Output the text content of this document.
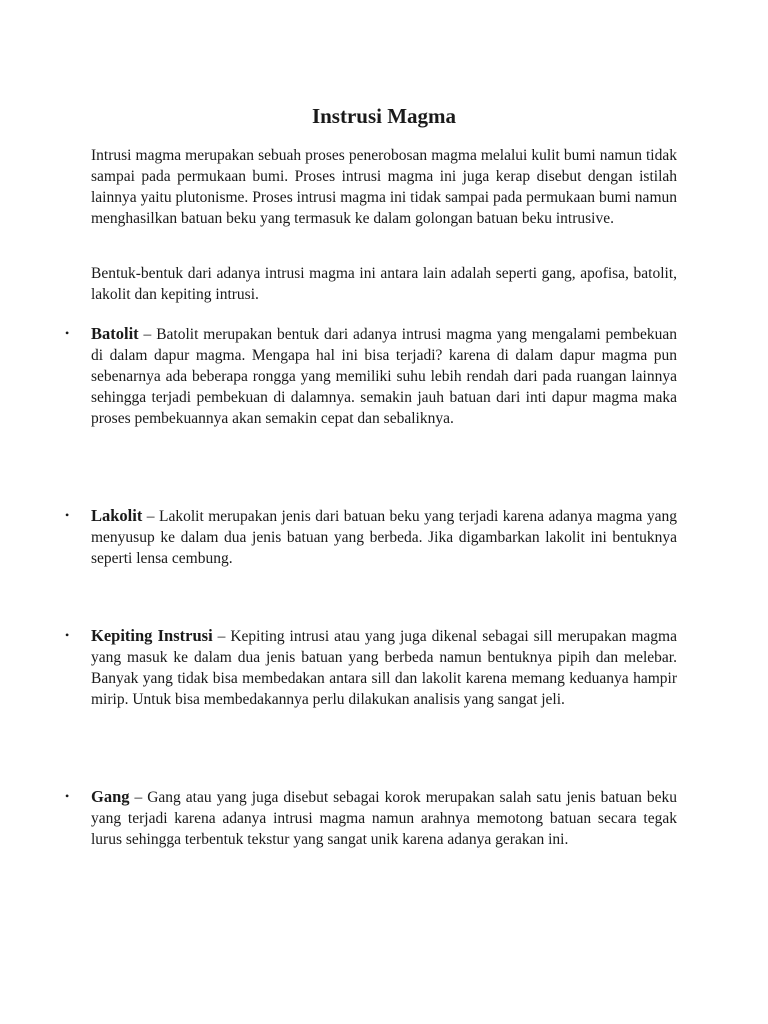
Instrusi Magma

Intrusi magma merupakan sebuah proses penerobosan magma melalui kulit bumi namun tidak sampai pada permukaan bumi. Proses intrusi magma ini juga kerap disebut dengan istilah lainnya yaitu plutonisme. Proses intrusi magma ini tidak sampai pada permukaan bumi namun menghasilkan batuan beku yang termasuk ke dalam golongan batuan beku intrusive.

Bentuk-bentuk dari adanya intrusi magma ini antara lain adalah seperti gang, apofisa, batolit, lakolit dan kepiting intrusi.

• Batolit – Batolit merupakan bentuk dari adanya intrusi magma yang mengalami pembekuan di dalam dapur magma. Mengapa hal ini bisa terjadi? karena di dalam dapur magma pun sebenarnya ada beberapa rongga yang memiliki suhu lebih rendah dari pada ruangan lainnya sehingga terjadi pembekuan di dalamnya. semakin jauh batuan dari inti dapur magma maka proses pembekuannya akan semakin cepat dan sebaliknya.
• Lakolit – Lakolit merupakan jenis dari batuan beku yang terjadi karena adanya magma yang menyusup ke dalam dua jenis batuan yang berbeda. Jika digambarkan lakolit ini bentuknya seperti lensa cembung.
• Kepiting Instrusi – Kepiting intrusi atau yang juga dikenal sebagai sill merupakan magma yang masuk ke dalam dua jenis batuan yang berbeda namun bentuknya pipih dan melebar. Banyak yang tidak bisa membedakan antara sill dan lakolit karena memang keduanya hampir mirip. Untuk bisa membedakannya perlu dilakukan analisis yang sangat jeli.
• Gang – Gang atau yang juga disebut sebagai korok merupakan salah satu jenis batuan beku yang terjadi karena adanya intrusi magma namun arahnya memotong batuan secara tegak lurus sehingga terbentuk tekstur yang sangat unik karena adanya gerakan ini.
